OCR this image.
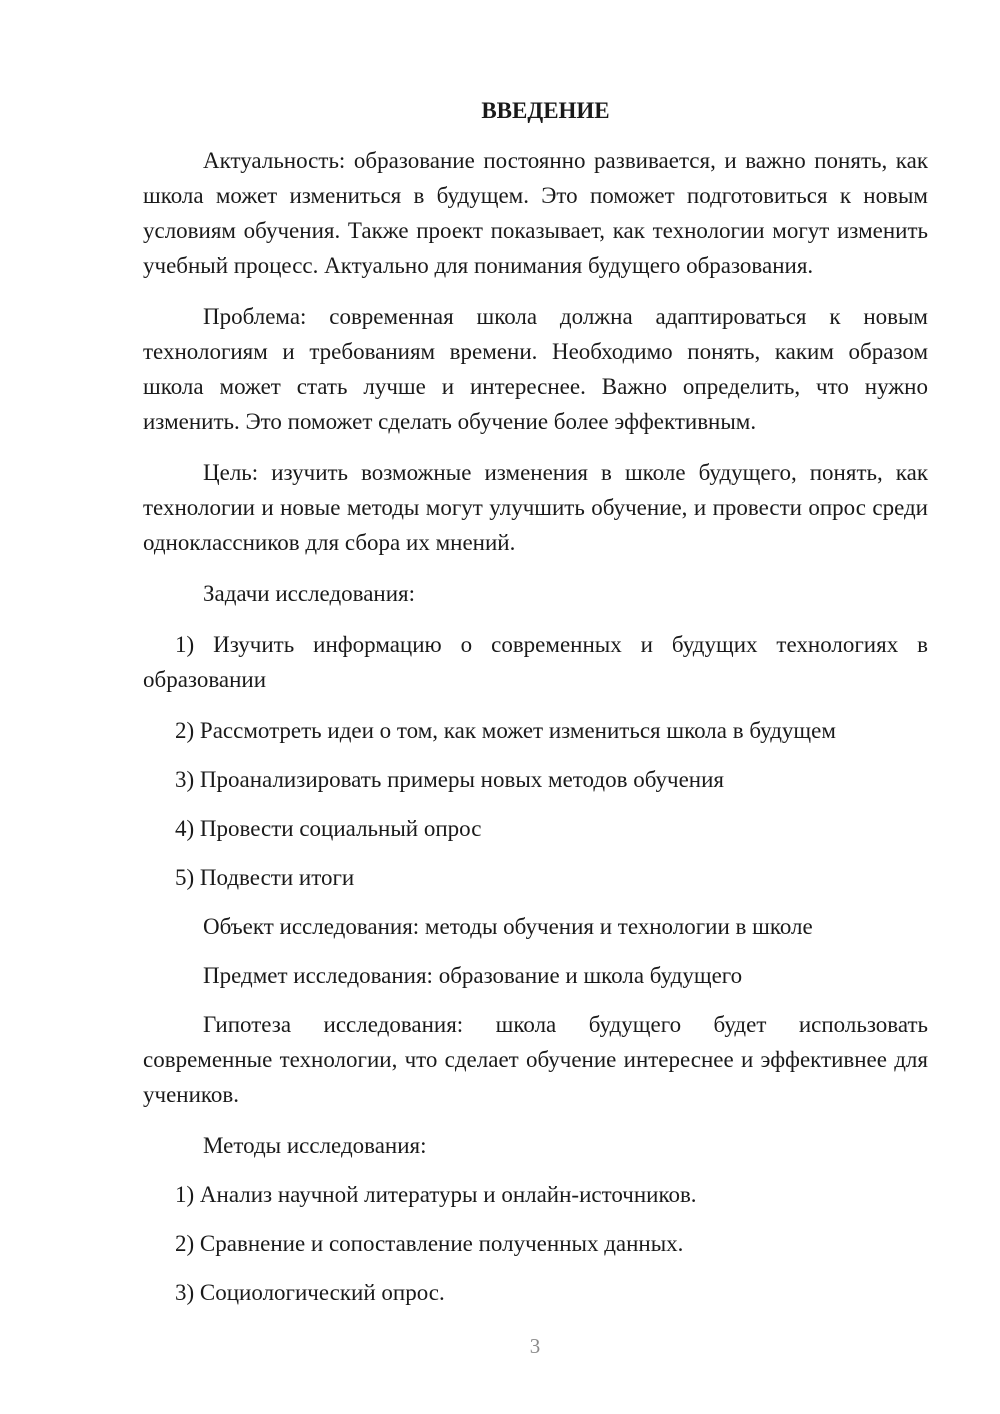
ВВЕДЕНИЕ

Актуальность: образование постоянно развивается, и важно понять, как школа может измениться в будущем. Это поможет подготовиться к новым условиям обучения. Также проект показывает, как технологии могут изменить учебный процесс. Актуально для понимания будущего образования.

Проблема: современная школа должна адаптироваться к новым технологиям и требованиям времени. Необходимо понять, каким образом школа может стать лучше и интереснее. Важно определить, что нужно изменить. Это поможет сделать обучение более эффективным.

Цель: изучить возможные изменения в школе будущего, понять, как технологии и новые методы могут улучшить обучение, и провести опрос среди одноклассников для сбора их мнений.

Задачи исследования:

1) Изучить информацию о современных и будущих технологиях в образовании

2) Рассмотреть идеи о том, как может измениться школа в будущем

3) Проанализировать примеры новых методов обучения

4) Провести социальный опрос

5) Подвести итоги

Объект исследования: методы обучения и технологии в школе

Предмет исследования: образование и школа будущего

Гипотеза исследования: школа будущего будет использовать современные технологии, что сделает обучение интереснее и эффективнее для учеников.

Методы исследования:

1) Анализ научной литературы и онлайн-источников.

2) Сравнение и сопоставление полученных данных.

3) Социологический опрос.

3
